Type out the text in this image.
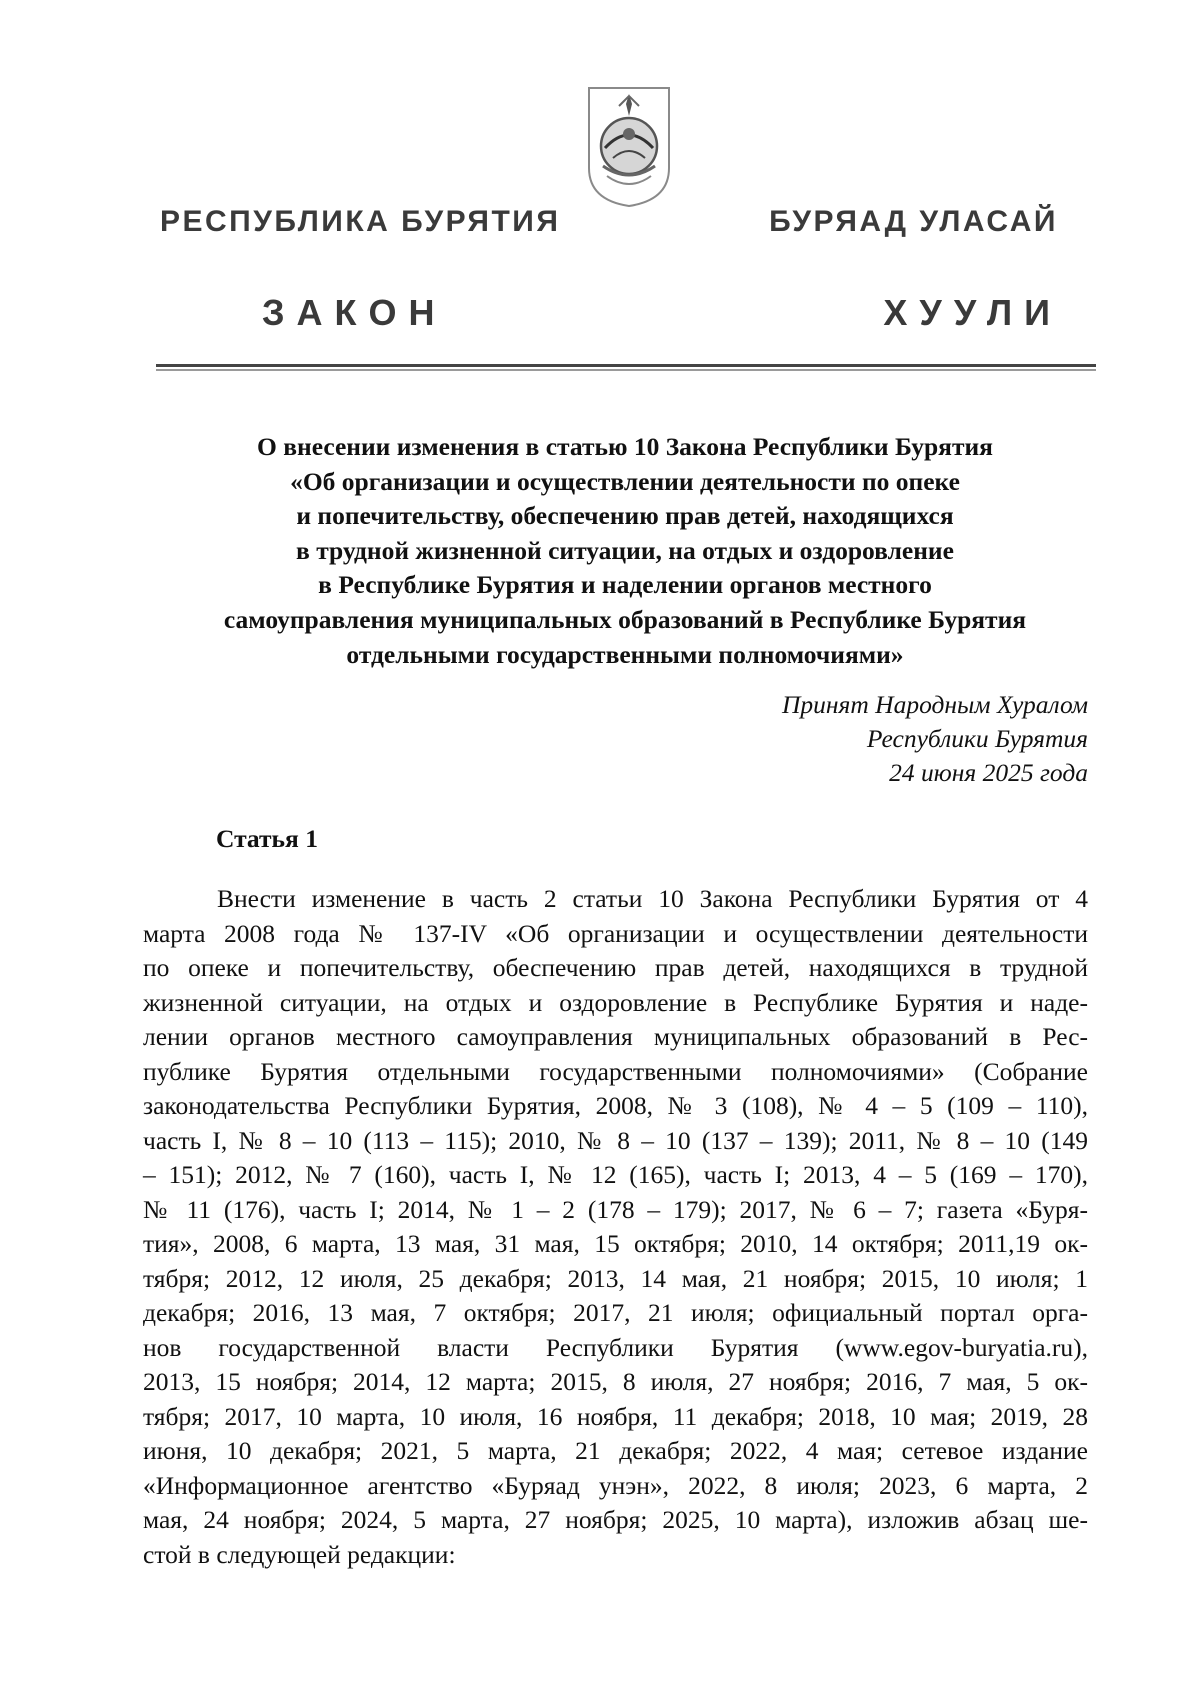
РЕСПУБЛИКА БУРЯТИЯ	БУРЯАД УЛАСАЙ
ЗАКОН	ХУУЛИ
О внесении изменения в статью 10 Закона Республики Бурятия
«Об организации и осуществлении деятельности по опеке
и попечительству, обеспечению прав детей, находящихся
в трудной жизненной ситуации, на отдых и оздоровление
в Республике Бурятия и наделении органов местного
самоуправления муниципальных образований в Республике Бурятия
отдельными государственными полномочиями»
Принят Народным Хуралом
Республики Бурятия
24 июня 2025 года
Статья 1
Внести изменение в часть 2 статьи 10 Закона Республики Бурятия от 4
марта 2008 года № 137-IV «Об организации и осуществлении деятельности
по опеке и попечительству, обеспечению прав детей, находящихся в трудной
жизненной ситуации, на отдых и оздоровление в Республике Бурятия и наде-
лении органов местного самоуправления муниципальных образований в Рес-
публике Бурятия отдельными государственными полномочиями» (Собрание
законодательства Республики Бурятия, 2008, № 3 (108), № 4 – 5 (109 – 110),
часть I, № 8 – 10 (113 – 115); 2010, № 8 – 10 (137 – 139); 2011, № 8 – 10 (149
– 151); 2012, № 7 (160), часть I, № 12 (165), часть I; 2013, 4 – 5 (169 – 170),
№ 11 (176), часть I; 2014, № 1 – 2 (178 – 179); 2017, № 6 – 7; газета «Буря-
тия», 2008, 6 марта, 13 мая, 31 мая, 15 октября; 2010, 14 октября; 2011,19 ок-
тября; 2012, 12 июля, 25 декабря; 2013, 14 мая, 21 ноября; 2015, 10 июля; 1
декабря; 2016, 13 мая, 7 октября; 2017, 21 июля; официальный портал орга-
нов государственной власти Республики Бурятия (www.egov-buryatia.ru),
2013, 15 ноября; 2014, 12 марта; 2015, 8 июля, 27 ноября; 2016, 7 мая, 5 ок-
тября; 2017, 10 марта, 10 июля, 16 ноября, 11 декабря; 2018, 10 мая; 2019, 28
июня, 10 декабря; 2021, 5 марта, 21 декабря; 2022, 4 мая; сетевое издание
«Информационное агентство «Буряад унэн», 2022, 8 июля; 2023, 6 марта, 2
мая, 24 ноября; 2024, 5 марта, 27 ноября; 2025, 10 марта), изложив абзац ше-
стой в следующей редакции:
